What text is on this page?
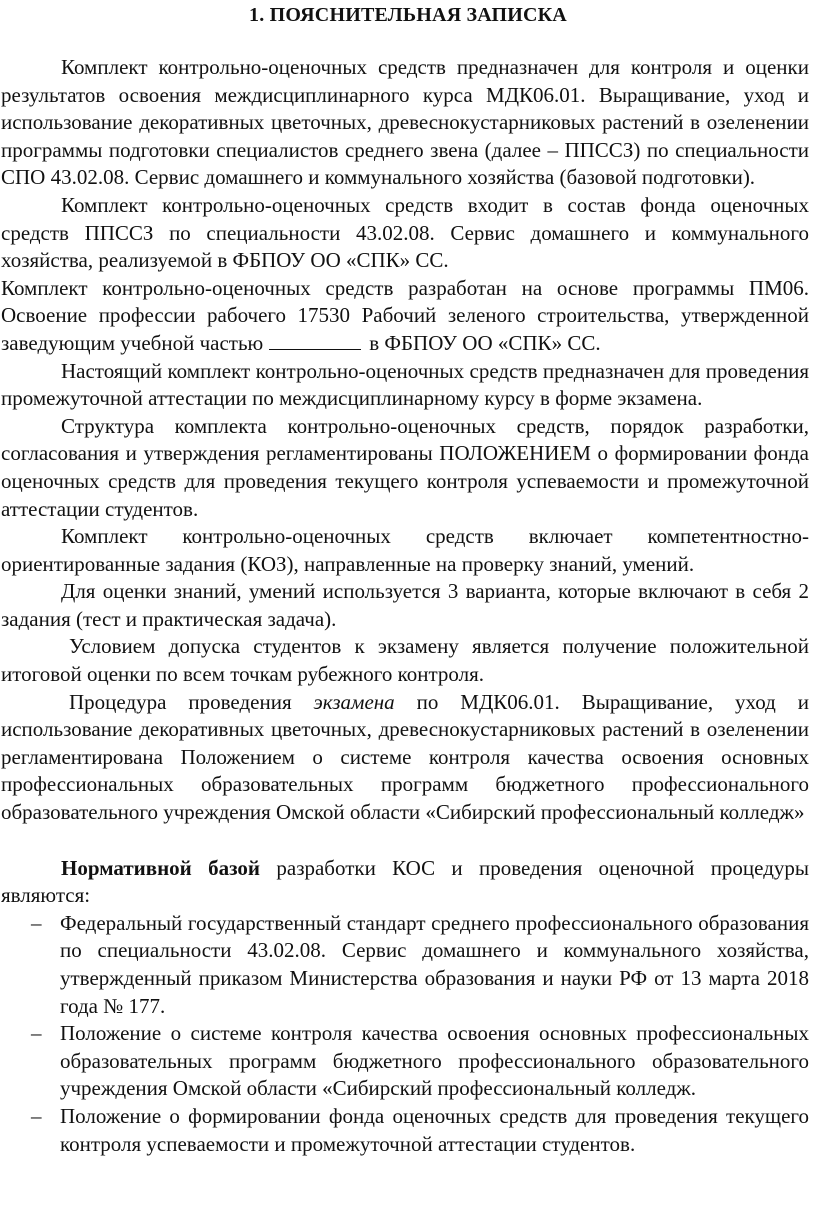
1. ПОЯСНИТЕЛЬНАЯ ЗАПИСКА

Комплект контрольно-оценочных средств предназначен для контроля и оценки результатов освоения междисциплинарного курса МДК06.01. Выращивание, уход и использование декоративных цветочных, древеснокустарниковых растений в озеленении программы подготовки специалистов среднего звена (далее – ППССЗ) по специальности СПО 43.02.08. Сервис домашнего и коммунального хозяйства (базовой подготовки).

Комплект контрольно-оценочных средств входит в состав фонда оценочных средств ППССЗ по специальности 43.02.08. Сервис домашнего и коммунального хозяйства, реализуемой в ФБПОУ ОО «СПК» СС.

Комплект контрольно-оценочных средств разработан на основе программы ПМ06. Освоение профессии рабочего 17530 Рабочий зеленого строительства, утвержденной заведующим учебной частью	в ФБПОУ ОО «СПК» СС.

Настоящий комплект контрольно-оценочных средств предназначен для проведения промежуточной аттестации по междисциплинарному курсу в форме экзамена.

Структура комплекта контрольно-оценочных средств, порядок разработки, согласования и утверждения регламентированы ПОЛОЖЕНИЕМ о формировании фонда оценочных средств для проведения текущего контроля успеваемости и промежуточной аттестации студентов.

Комплект контрольно-оценочных средств включает компетентностно-ориентированные задания (КОЗ), направленные на проверку знаний, умений.

Для оценки знаний, умений используется 3 варианта, которые включают в себя 2 задания (тест и практическая задача).

Условием допуска студентов к экзамену является получение положительной итоговой оценки по всем точкам рубежного контроля.

Процедура проведения экзамена по МДК06.01. Выращивание, уход и использование декоративных цветочных, древеснокустарниковых растений в озеленении регламентирована Положением о системе контроля качества освоения основных профессиональных образовательных программ бюджетного профессионального образовательного учреждения Омской области «Сибирский профессиональный колледж»

Нормативной базой разработки КОС и проведения оценочной процедуры являются:

– Федеральный государственный стандарт среднего профессионального образования по специальности 43.02.08. Сервис домашнего и коммунального хозяйства, утвержденный приказом Министерства образования и науки РФ от 13 марта 2018 года № 177.
– Положение о системе контроля качества освоения основных профессиональных образовательных программ бюджетного профессионального образовательного учреждения Омской области «Сибирский профессиональный колледж.
– Положение о формировании фонда оценочных средств для проведения текущего контроля успеваемости и промежуточной аттестации студентов.
